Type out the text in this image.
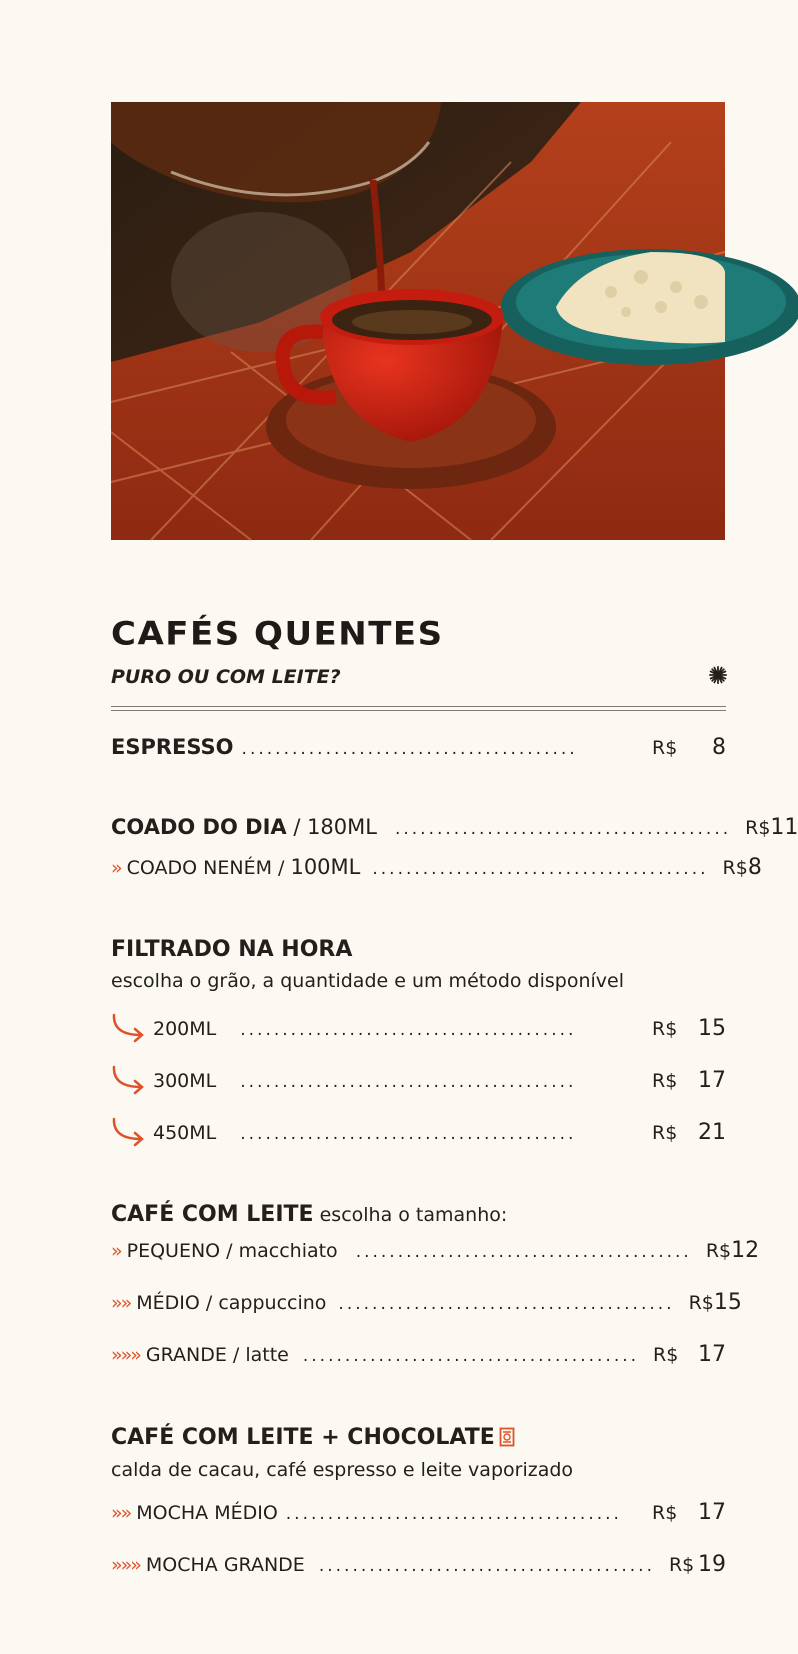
CAFÉS QUENTES
PURO OU COM LEITE?
ESPRESSO ........................................	R$	8
COADO DO DIA / 180ML ........................................ R$ 11
» COADO NENÉM / 100ML ........................................ R$ 8
FILTRADO NA HORA
escolha o grão, a quantidade e um método disponível
200ML ........................................	R$ 15
300ML ........................................	R$ 17
450ML ........................................	R$ 21
CAFÉ COM LEITE escolha o tamanho:
» PEQUENO / macchiato ........................................ R$ 12
»» MÉDIO / cappuccino ........................................ R$ 15
»»» GRANDE / latte ........................................ R$ 17
CAFÉ COM LEITE + CHOCOLATE
calda de cacau, café espresso e leite vaporizado
»» MOCHA MÉDIO ........................................	R$ 17
»»» MOCHA GRANDE ........................................ R$ 19
